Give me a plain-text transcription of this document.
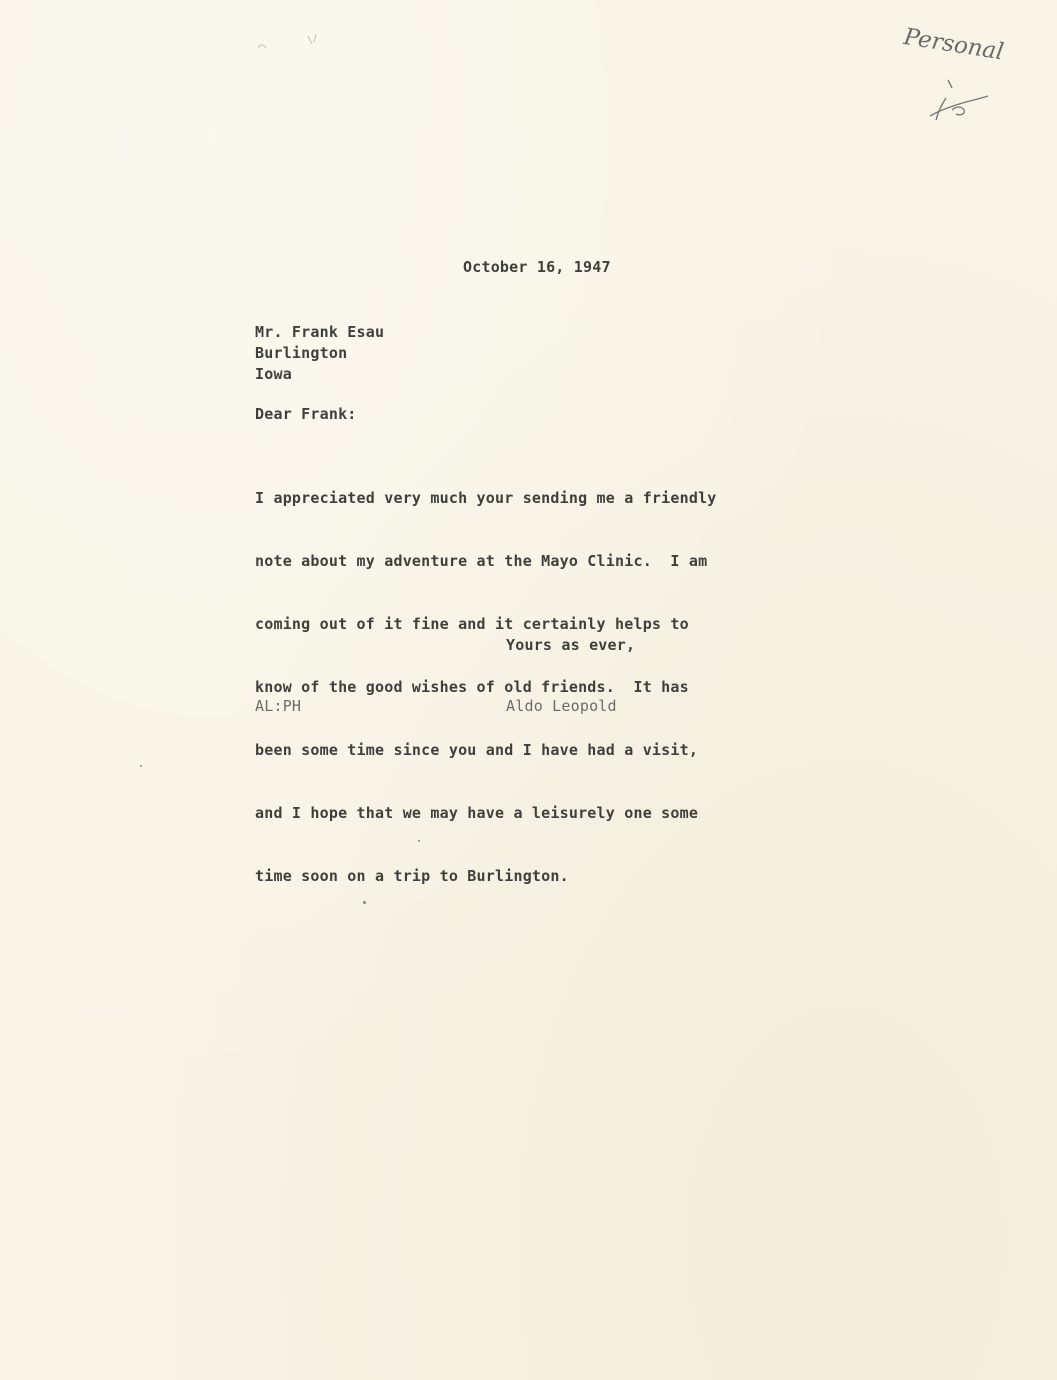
Personal
October 16, 1947
Mr. Frank Esau
Burlington
Iowa
Dear Frank:

I appreciated very much your sending me a friendly

note about my adventure at the Mayo Clinic.  I am

coming out of it fine and it certainly helps to

know of the good wishes of old friends.  It has

been some time since you and I have had a visit,

and I hope that we may have a leisurely one some

time soon on a trip to Burlington.

Yours as ever,
AL:PH	Aldo Leopold
